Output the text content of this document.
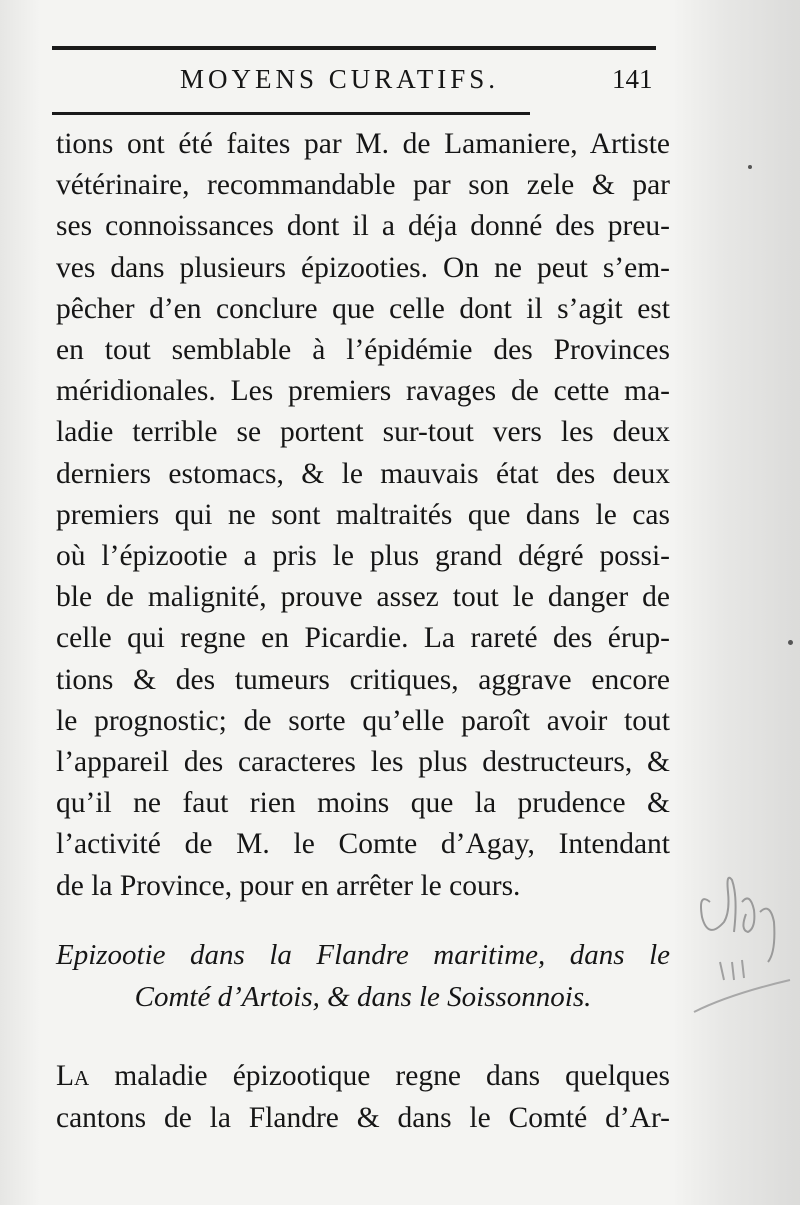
MOYENS CURATIFS.	141
tions ont été faites par M. de Lamaniere, Artiste
vétérinaire, recommandable par son zele & par
ses connoissances dont il a déja donné des preu-
ves dans plusieurs épizooties. On ne peut s’em-
pêcher d’en conclure que celle dont il s’agit est
en tout semblable à l’épidémie des Provinces
méridionales. Les premiers ravages de cette ma-
ladie terrible se portent sur-tout vers les deux
derniers estomacs, & le mauvais état des deux
premiers qui ne sont maltraités que dans le cas
où l’épizootie a pris le plus grand dégré possi-
ble de malignité, prouve assez tout le danger de
celle qui regne en Picardie. La rareté des érup-
tions & des tumeurs critiques, aggrave encore
le prognostic; de sorte qu’elle paroît avoir tout
l’appareil des caracteres les plus destructeurs, &
qu’il ne faut rien moins que la prudence &
l’activité de M. le Comte d’Agay, Intendant
de la Province, pour en arrêter le cours.
Epizootie dans la Flandre maritime, dans le
Comté d’Artois, & dans le Soissonnois.
La maladie épizootique regne dans quelques
cantons de la Flandre & dans le Comté d’Ar-
